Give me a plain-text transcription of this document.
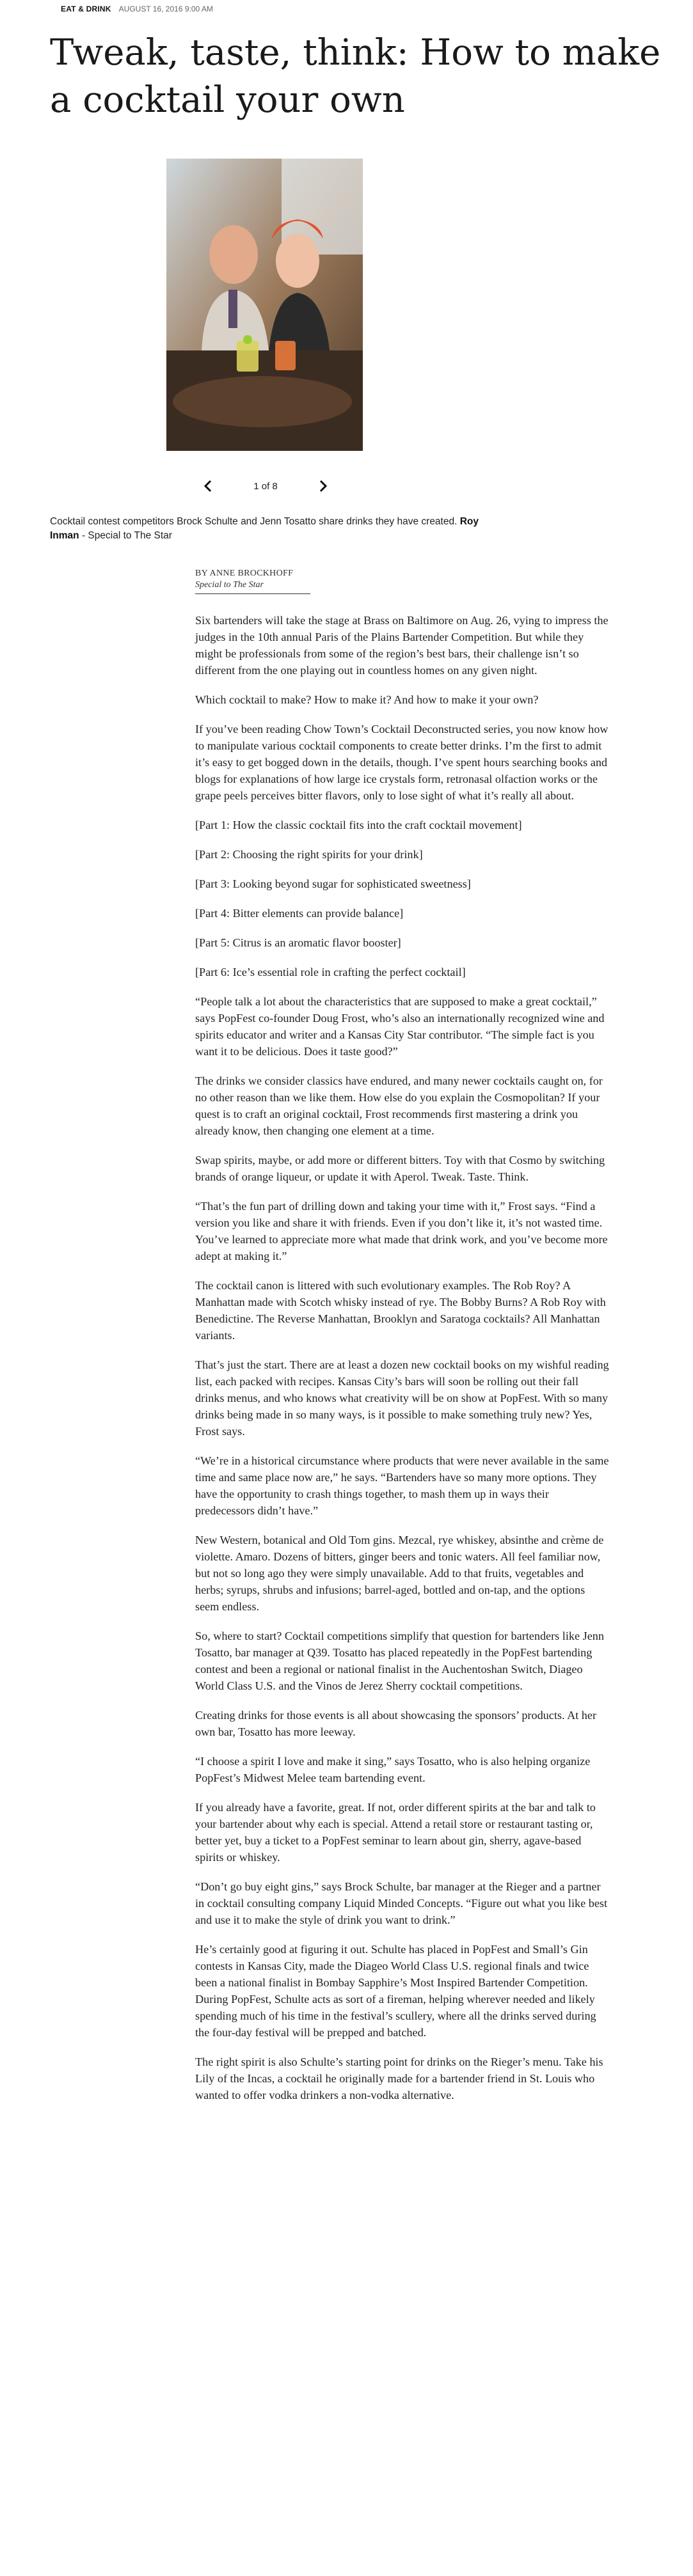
EAT & DRINK AUGUST 16, 2016 9:00 AM
Tweak, taste, think: How to make a cocktail your own
1 of 8
Cocktail contest competitors Brock Schulte and Jenn Tosatto share drinks they have created. Roy Inman - Special to The Star
BY ANNE BROCKHOFF
Special to The Star

Six bartenders will take the stage at Brass on Baltimore on Aug. 26, vying to impress the judges in the 10th annual Paris of the Plains Bartender Competition. But while they might be professionals from some of the region’s best bars, their challenge isn’t so different from the one playing out in countless homes on any given night.

Which cocktail to make? How to make it? And how to make it your own?

If you’ve been reading Chow Town’s Cocktail Deconstructed series, you now know how to manipulate various cocktail components to create better drinks. I’m the first to admit it’s easy to get bogged down in the details, though. I’ve spent hours searching books and blogs for explanations of how large ice crystals form, retronasal olfaction works or the grape peels perceives bitter flavors, only to lose sight of what it’s really all about.

[Part 1: How the classic cocktail fits into the craft cocktail movement]

[Part 2: Choosing the right spirits for your drink]

[Part 3: Looking beyond sugar for sophisticated sweetness]

[Part 4: Bitter elements can provide balance]

[Part 5: Citrus is an aromatic flavor booster]

[Part 6: Ice’s essential role in crafting the perfect cocktail]

“People talk a lot about the characteristics that are supposed to make a great cocktail,” says PopFest co-founder Doug Frost, who’s also an internationally recognized wine and spirits educator and writer and a Kansas City Star contributor. “The simple fact is you want it to be delicious. Does it taste good?”

The drinks we consider classics have endured, and many newer cocktails caught on, for no other reason than we like them. How else do you explain the Cosmopolitan? If your quest is to craft an original cocktail, Frost recommends first mastering a drink you already know, then changing one element at a time.

Swap spirits, maybe, or add more or different bitters. Toy with that Cosmo by switching brands of orange liqueur, or update it with Aperol. Tweak. Taste. Think.

“That’s the fun part of drilling down and taking your time with it,” Frost says. “Find a version you like and share it with friends. Even if you don’t like it, it’s not wasted time. You’ve learned to appreciate more what made that drink work, and you’ve become more adept at making it.”

The cocktail canon is littered with such evolutionary examples. The Rob Roy? A Manhattan made with Scotch whisky instead of rye. The Bobby Burns? A Rob Roy with Benedictine. The Reverse Manhattan, Brooklyn and Saratoga cocktails? All Manhattan variants.

That’s just the start. There are at least a dozen new cocktail books on my wishful reading list, each packed with recipes. Kansas City’s bars will soon be rolling out their fall drinks menus, and who knows what creativity will be on show at PopFest. With so many drinks being made in so many ways, is it possible to make something truly new? Yes, Frost says.

“We’re in a historical circumstance where products that were never available in the same time and same place now are,” he says. “Bartenders have so many more options. They have the opportunity to crash things together, to mash them up in ways their predecessors didn’t have.”

New Western, botanical and Old Tom gins. Mezcal, rye whiskey, absinthe and crème de violette. Amaro. Dozens of bitters, ginger beers and tonic waters. All feel familiar now, but not so long ago they were simply unavailable. Add to that fruits, vegetables and herbs; syrups, shrubs and infusions; barrel-aged, bottled and on-tap, and the options seem endless.

So, where to start? Cocktail competitions simplify that question for bartenders like Jenn Tosatto, bar manager at Q39. Tosatto has placed repeatedly in the PopFest bartending contest and been a regional or national finalist in the Auchentoshan Switch, Diageo World Class U.S. and the Vinos de Jerez Sherry cocktail competitions.

Creating drinks for those events is all about showcasing the sponsors’ products. At her own bar, Tosatto has more leeway.

“I choose a spirit I love and make it sing,” says Tosatto, who is also helping organize PopFest’s Midwest Melee team bartending event.

If you already have a favorite, great. If not, order different spirits at the bar and talk to your bartender about why each is special. Attend a retail store or restaurant tasting or, better yet, buy a ticket to a PopFest seminar to learn about gin, sherry, agave-based spirits or whiskey.

“Don’t go buy eight gins,” says Brock Schulte, bar manager at the Rieger and a partner in cocktail consulting company Liquid Minded Concepts. “Figure out what you like best and use it to make the style of drink you want to drink.”

He’s certainly good at figuring it out. Schulte has placed in PopFest and Small’s Gin contests in Kansas City, made the Diageo World Class U.S. regional finals and twice been a national finalist in Bombay Sapphire’s Most Inspired Bartender Competition. During PopFest, Schulte acts as sort of a fireman, helping wherever needed and likely spending much of his time in the festival’s scullery, where all the drinks served during the four-day festival will be prepped and batched.

The right spirit is also Schulte’s starting point for drinks on the Rieger’s menu. Take his Lily of the Incas, a cocktail he originally made for a bartender friend in St. Louis who wanted to offer vodka drinkers a non-vodka alternative.
